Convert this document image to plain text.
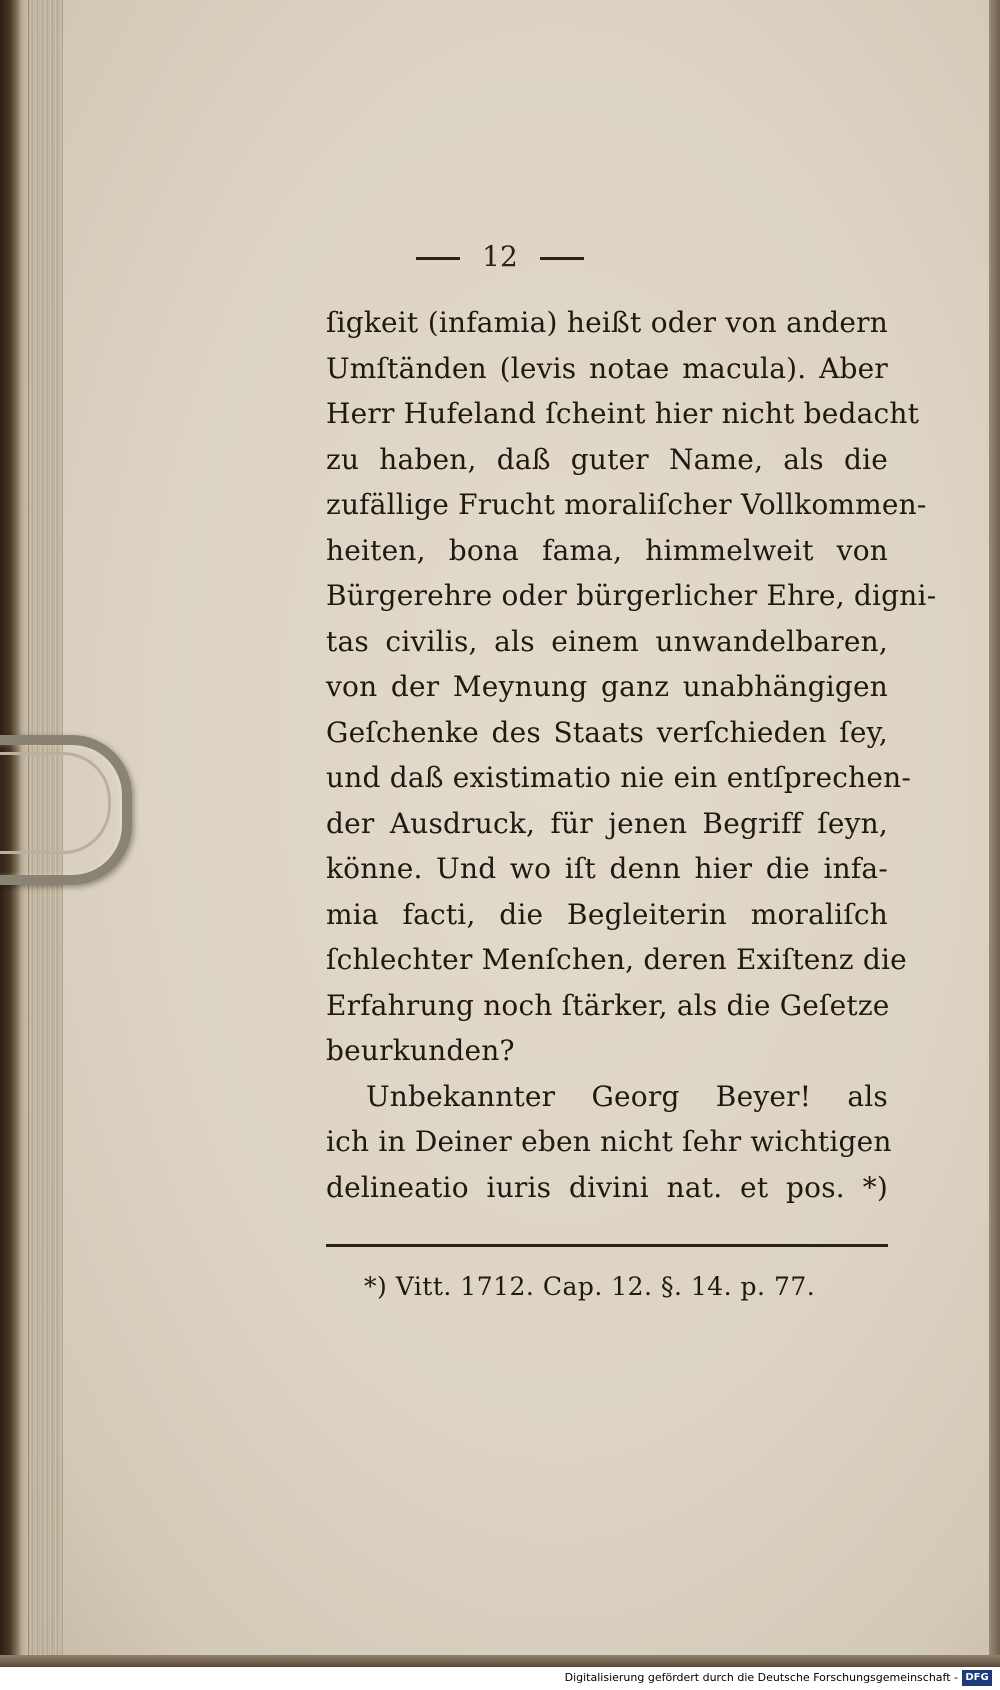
12
ſigkeit (infamia) heißt oder von andern
Umſtänden (levis notae macula). Aber
Herr Hufeland ſcheint hier nicht bedacht
zu haben, daß guter Name, als die
zufällige Frucht moraliſcher Vollkommen-
heiten, bona fama, himmelweit von
Bürgerehre oder bürgerlicher Ehre, digni-
tas civilis, als einem unwandelbaren,
von der Meynung ganz unabhängigen
Geſchenke des Staats verſchieden ſey,
und daß existimatio nie ein entſprechen-
der Ausdruck, für jenen Begriff ſeyn,
könne. Und wo iſt denn hier die infa-
mia facti, die Begleiterin moraliſch
ſchlechter Menſchen, deren Exiſtenz die
Erfahrung noch ſtärker, als die Geſetze
beurkunden?
Unbekannter Georg Beyer! als
ich in Deiner eben nicht ſehr wichtigen
delineatio iuris divini nat. et pos. *)
*) Vitt. 1712. Cap. 12. §. 14. p. 77.
Digitalisierung gefördert durch die Deutsche Forschungsgemeinschaft - DFG
